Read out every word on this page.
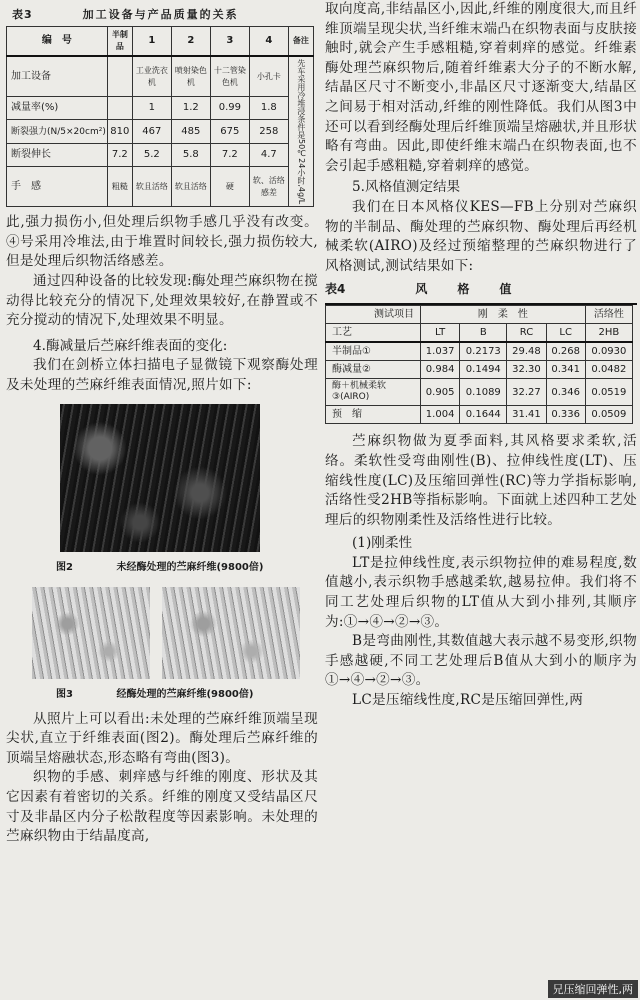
表3	加工设备与产品质量的关系
编　号	半制品	1	2	3	4	备注
加工设备		工业洗衣机	喷射染色机	十二管染色机	小孔卡	先车采用冷堆浸条件是50℃24小时,4g/L
减量率(%)		1	1.2	0.99	1.8	
断裂强力(N/5×20cm²)	810	467	485	675	258	
断裂伸长	7.2	5.2	5.8	7.2	4.7	
手　感	粗糙	软且活络	软且活络	硬	软、活络感差	

此,强力损伤小,但处理后织物手感几乎没有改变。④号采用冷堆法,由于堆置时间较长,强力损伤较大,但是处理后织物活络感差。

通过四种设备的比较发现:酶处理苎麻织物在搅动得比较充分的情况下,处理效果较好,在静置或不充分搅动的情况下,处理效果不明显。

4.酶减量后苎麻纤维表面的变化:

我们在剑桥立体扫描电子显微镜下观察酶处理及未处理的苎麻纤维表面情况,照片如下:

图2	未经酶处理的苎麻纤维(9800倍)
图3	经酶处理的苎麻纤维(9800倍)

从照片上可以看出:未处理的苎麻纤维顶端呈现尖状,直立于纤维表面(图2)。酶处理后苎麻纤维的顶端呈熔融状态,形态略有弯曲(图3)。

织物的手感、刺痒感与纤维的刚度、形状及其它因素有着密切的关系。纤维的刚度又受结晶区尺寸及非晶区内分子松散程度等因素影响。未处理的苎麻织物由于结晶度高,

取向度高,非结晶区小,因此,纤维的刚度很大,而且纤维顶端呈现尖状,当纤维末端凸在织物表面与皮肤接触时,就会产生手感粗糙,穿着刺痒的感觉。纤维素酶处理苎麻织物后,随着纤维素大分子的不断水解,结晶区尺寸不断变小,非晶区尺寸逐渐变大,结晶区之间易于相对活动,纤维的刚性降低。我们从图3中还可以看到经酶处理后纤维顶端呈熔融状,并且形状略有弯曲。因此,即使纤维末端凸在织物表面,也不会引起手感粗糙,穿着刺痒的感觉。

5.风格值测定结果

我们在日本风格仪KES—FB上分别对苎麻织物的半制品、酶处理的苎麻织物、酶处理后再经机械柔软(AIRO)及经过预缩整理的苎麻织物进行了风格测试,测试结果如下:

表4	风格值
测试项目	刚　柔　性				活络性
工艺	LT	B	RC	LC	2HB
半制品①	1.037	0.2173	29.48	0.268	0.0930
酶减量②	0.984	0.1494	32.30	0.341	0.0482
酶＋机械柔软③(AIRO)	0.905	0.1089	32.27	0.346	0.0519
预　缩	1.004	0.1644	31.41	0.336	0.0509

苎麻织物做为夏季面料,其风格要求柔软,活络。柔软性受弯曲刚性(B)、拉伸线性度(LT)、压缩线性度(LC)及压缩回弹性(RC)等力学指标影响,活络性受2HB等指标影响。下面就上述四种工艺处理后的织物刚柔性及活络性进行比较。

(1)刚柔性

LT是拉伸线性度,表示织物拉伸的难易程度,数值越小,表示织物手感越柔软,越易拉伸。我们将不同工艺处理后织物的LT值从大到小排列,其顺序为:①→④→②→③。

B是弯曲刚性,其数值越大表示越不易变形,织物手感越硬,不同工艺处理后B值从大到小的顺序为①→④→②→③。

LC是压缩线性度,RC是压缩回弹性,两

兄压缩回弹性,两
